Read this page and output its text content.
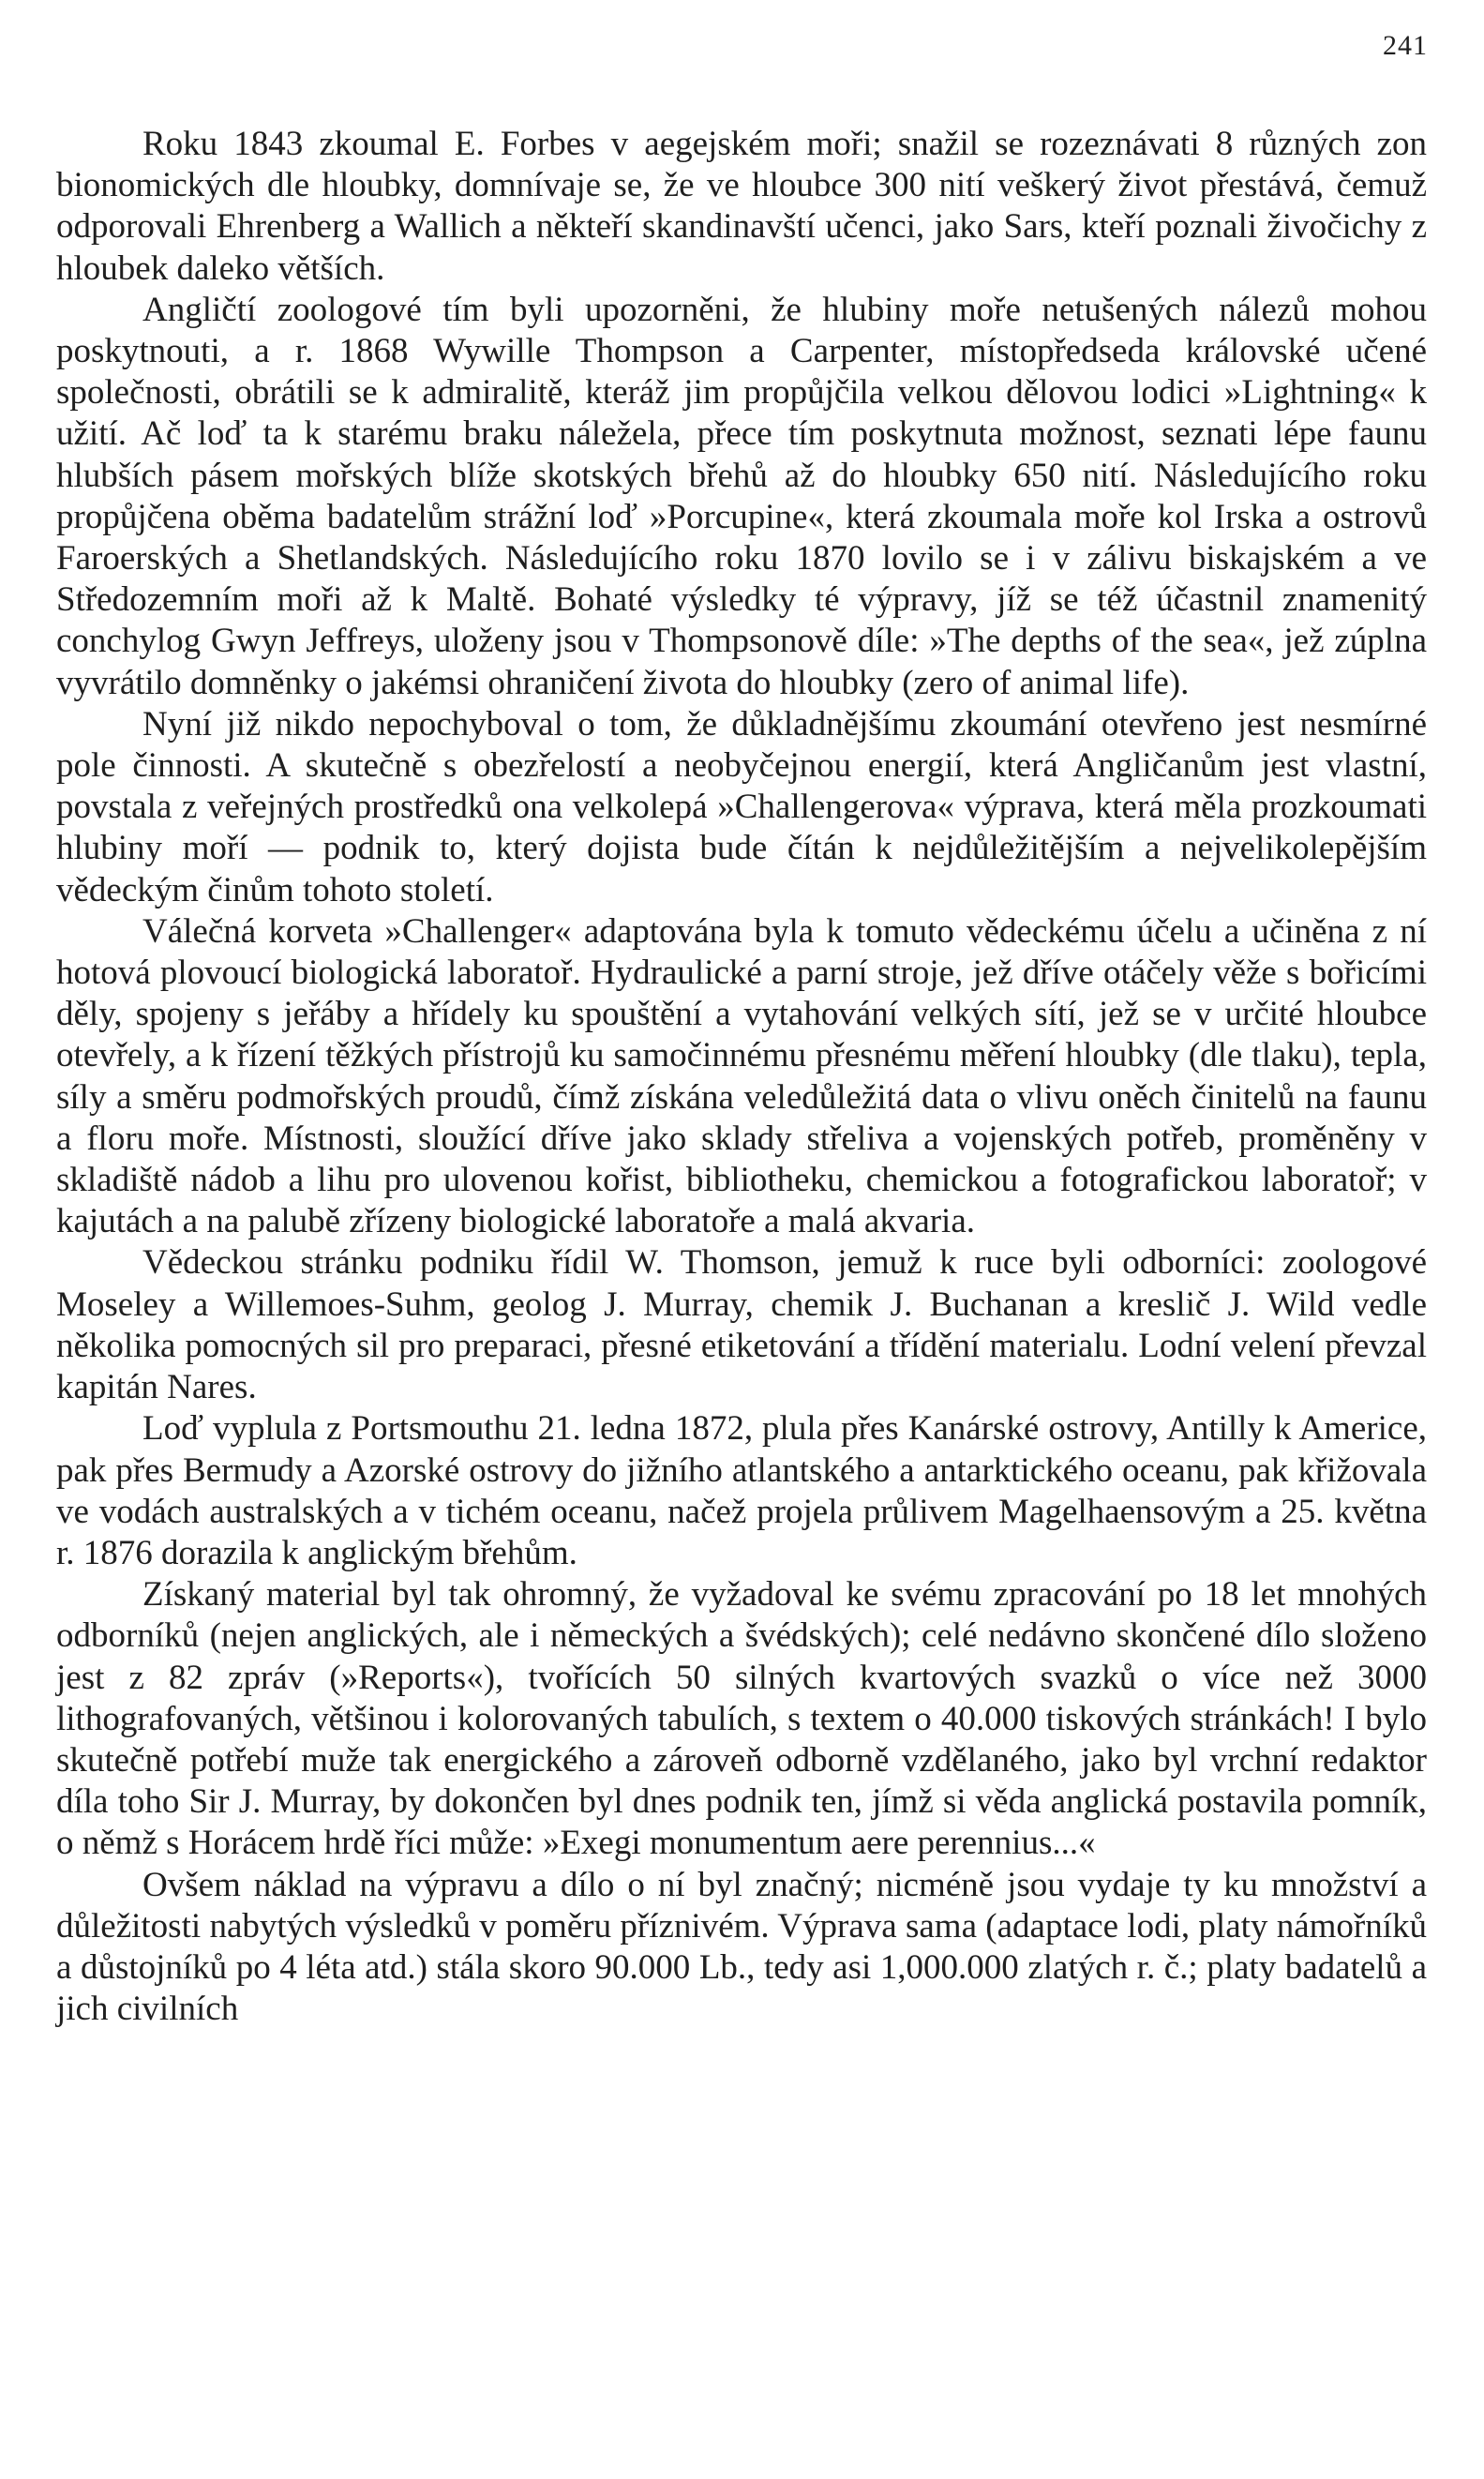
241

Roku 1843 zkoumal E. Forbes v aegejském moři; snažil se rozeznávati 8 různých zon bionomických dle hloubky, domnívaje se, že ve hloubce 300 nití veškerý život přestává, čemuž odporovali Ehrenberg a Wallich a někteří skandinavští učenci, jako Sars, kteří poznali živočichy z hloubek daleko větších.

Angličtí zoologové tím byli upozorněni, že hlubiny moře netušených nálezů mohou poskytnouti, a r. 1868 Wywille Thompson a Carpenter, místopředseda královské učené společnosti, obrátili se k admiralitě, kteráž jim propůjčila velkou dělovou lodici »Lightning« k užití. Ač loď ta k starému braku náležela, přece tím poskytnuta možnost, seznati lépe faunu hlubších pásem mořských blíže skotských břehů až do hloubky 650 nití. Následujícího roku propůjčena oběma badatelům strážní loď »Porcupine«, která zkoumala moře kol Irska a ostrovů Faroerských a Shetlandských. Následujícího roku 1870 lovilo se i v zálivu biskajském a ve Středozemním moři až k Maltě. Bohaté výsledky té výpravy, jíž se též účastnil znamenitý conchylog Gwyn Jeffreys, uloženy jsou v Thompsonově díle: »The depths of the sea«, jež zúplna vyvrátilo domněnky o jakémsi ohraničení života do hloubky (zero of animal life).

Nyní již nikdo nepochyboval o tom, že důkladnějšímu zkoumání otevřeno jest nesmírné pole činnosti. A skutečně s obezřelostí a neobyčejnou energií, která Angličanům jest vlastní, povstala z veřejných prostředků ona velkolepá »Challengerova« výprava, která měla prozkoumati hlubiny moří — podnik to, který dojista bude čítán k nejdůležitějším a nejvelikolepějším vědeckým činům tohoto století.

Válečná korveta »Challenger« adaptována byla k tomuto vědeckému účelu a učiněna z ní hotová plovoucí biologická laboratoř. Hydraulické a parní stroje, jež dříve otáčely věže s bořicími děly, spojeny s jeřáby a hřídely ku spouštění a vytahování velkých sítí, jež se v určité hloubce otevřely, a k řízení těžkých přístrojů ku samočinnému přesnému měření hloubky (dle tlaku), tepla, síly a směru podmořských proudů, čímž získána veledůležitá data o vlivu oněch činitelů na faunu a floru moře. Místnosti, sloužící dříve jako sklady střeliva a vojenských potřeb, proměněny v skladiště nádob a lihu pro ulovenou kořist, bibliotheku, chemickou a fotografickou laboratoř; v kajutách a na palubě zřízeny biologické laboratoře a malá akvaria.

Vědeckou stránku podniku řídil W. Thomson, jemuž k ruce byli odborníci: zoologové Moseley a Willemoes-Suhm, geolog J. Murray, chemik J. Buchanan a kreslič J. Wild vedle několika pomocných sil pro preparaci, přesné etiketování a třídění materialu. Lodní velení převzal kapitán Nares.

Loď vyplula z Portsmouthu 21. ledna 1872, plula přes Kanárské ostrovy, Antilly k Americe, pak přes Bermudy a Azorské ostrovy do jižního atlantského a antarktického oceanu, pak křižovala ve vodách australských a v tichém oceanu, načež projela průlivem Magelhaensovým a 25. května r. 1876 dorazila k anglickým břehům.

Získaný material byl tak ohromný, že vyžadoval ke svému zpracování po 18 let mnohých odborníků (nejen anglických, ale i německých a švédských); celé nedávno skončené dílo složeno jest z 82 zpráv (»Reports«), tvořících 50 silných kvartových svazků o více než 3000 lithografovaných, většinou i kolorovaných tabulích, s textem o 40.000 tiskových stránkách! I bylo skutečně potřebí muže tak energického a zároveň odborně vzdělaného, jako byl vrchní redaktor díla toho Sir J. Murray, by dokončen byl dnes podnik ten, jímž si věda anglická postavila pomník, o němž s Horácem hrdě říci může: »Exegi monumentum aere perennius...«

Ovšem náklad na výpravu a dílo o ní byl značný; nicméně jsou vydaje ty ku množství a důležitosti nabytých výsledků v poměru příznivém. Výprava sama (adaptace lodi, platy námořníků a důstojníků po 4 léta atd.) stála skoro 90.000 Lb., tedy asi 1,000.000 zlatých r. č.; platy badatelů a jich civilních
